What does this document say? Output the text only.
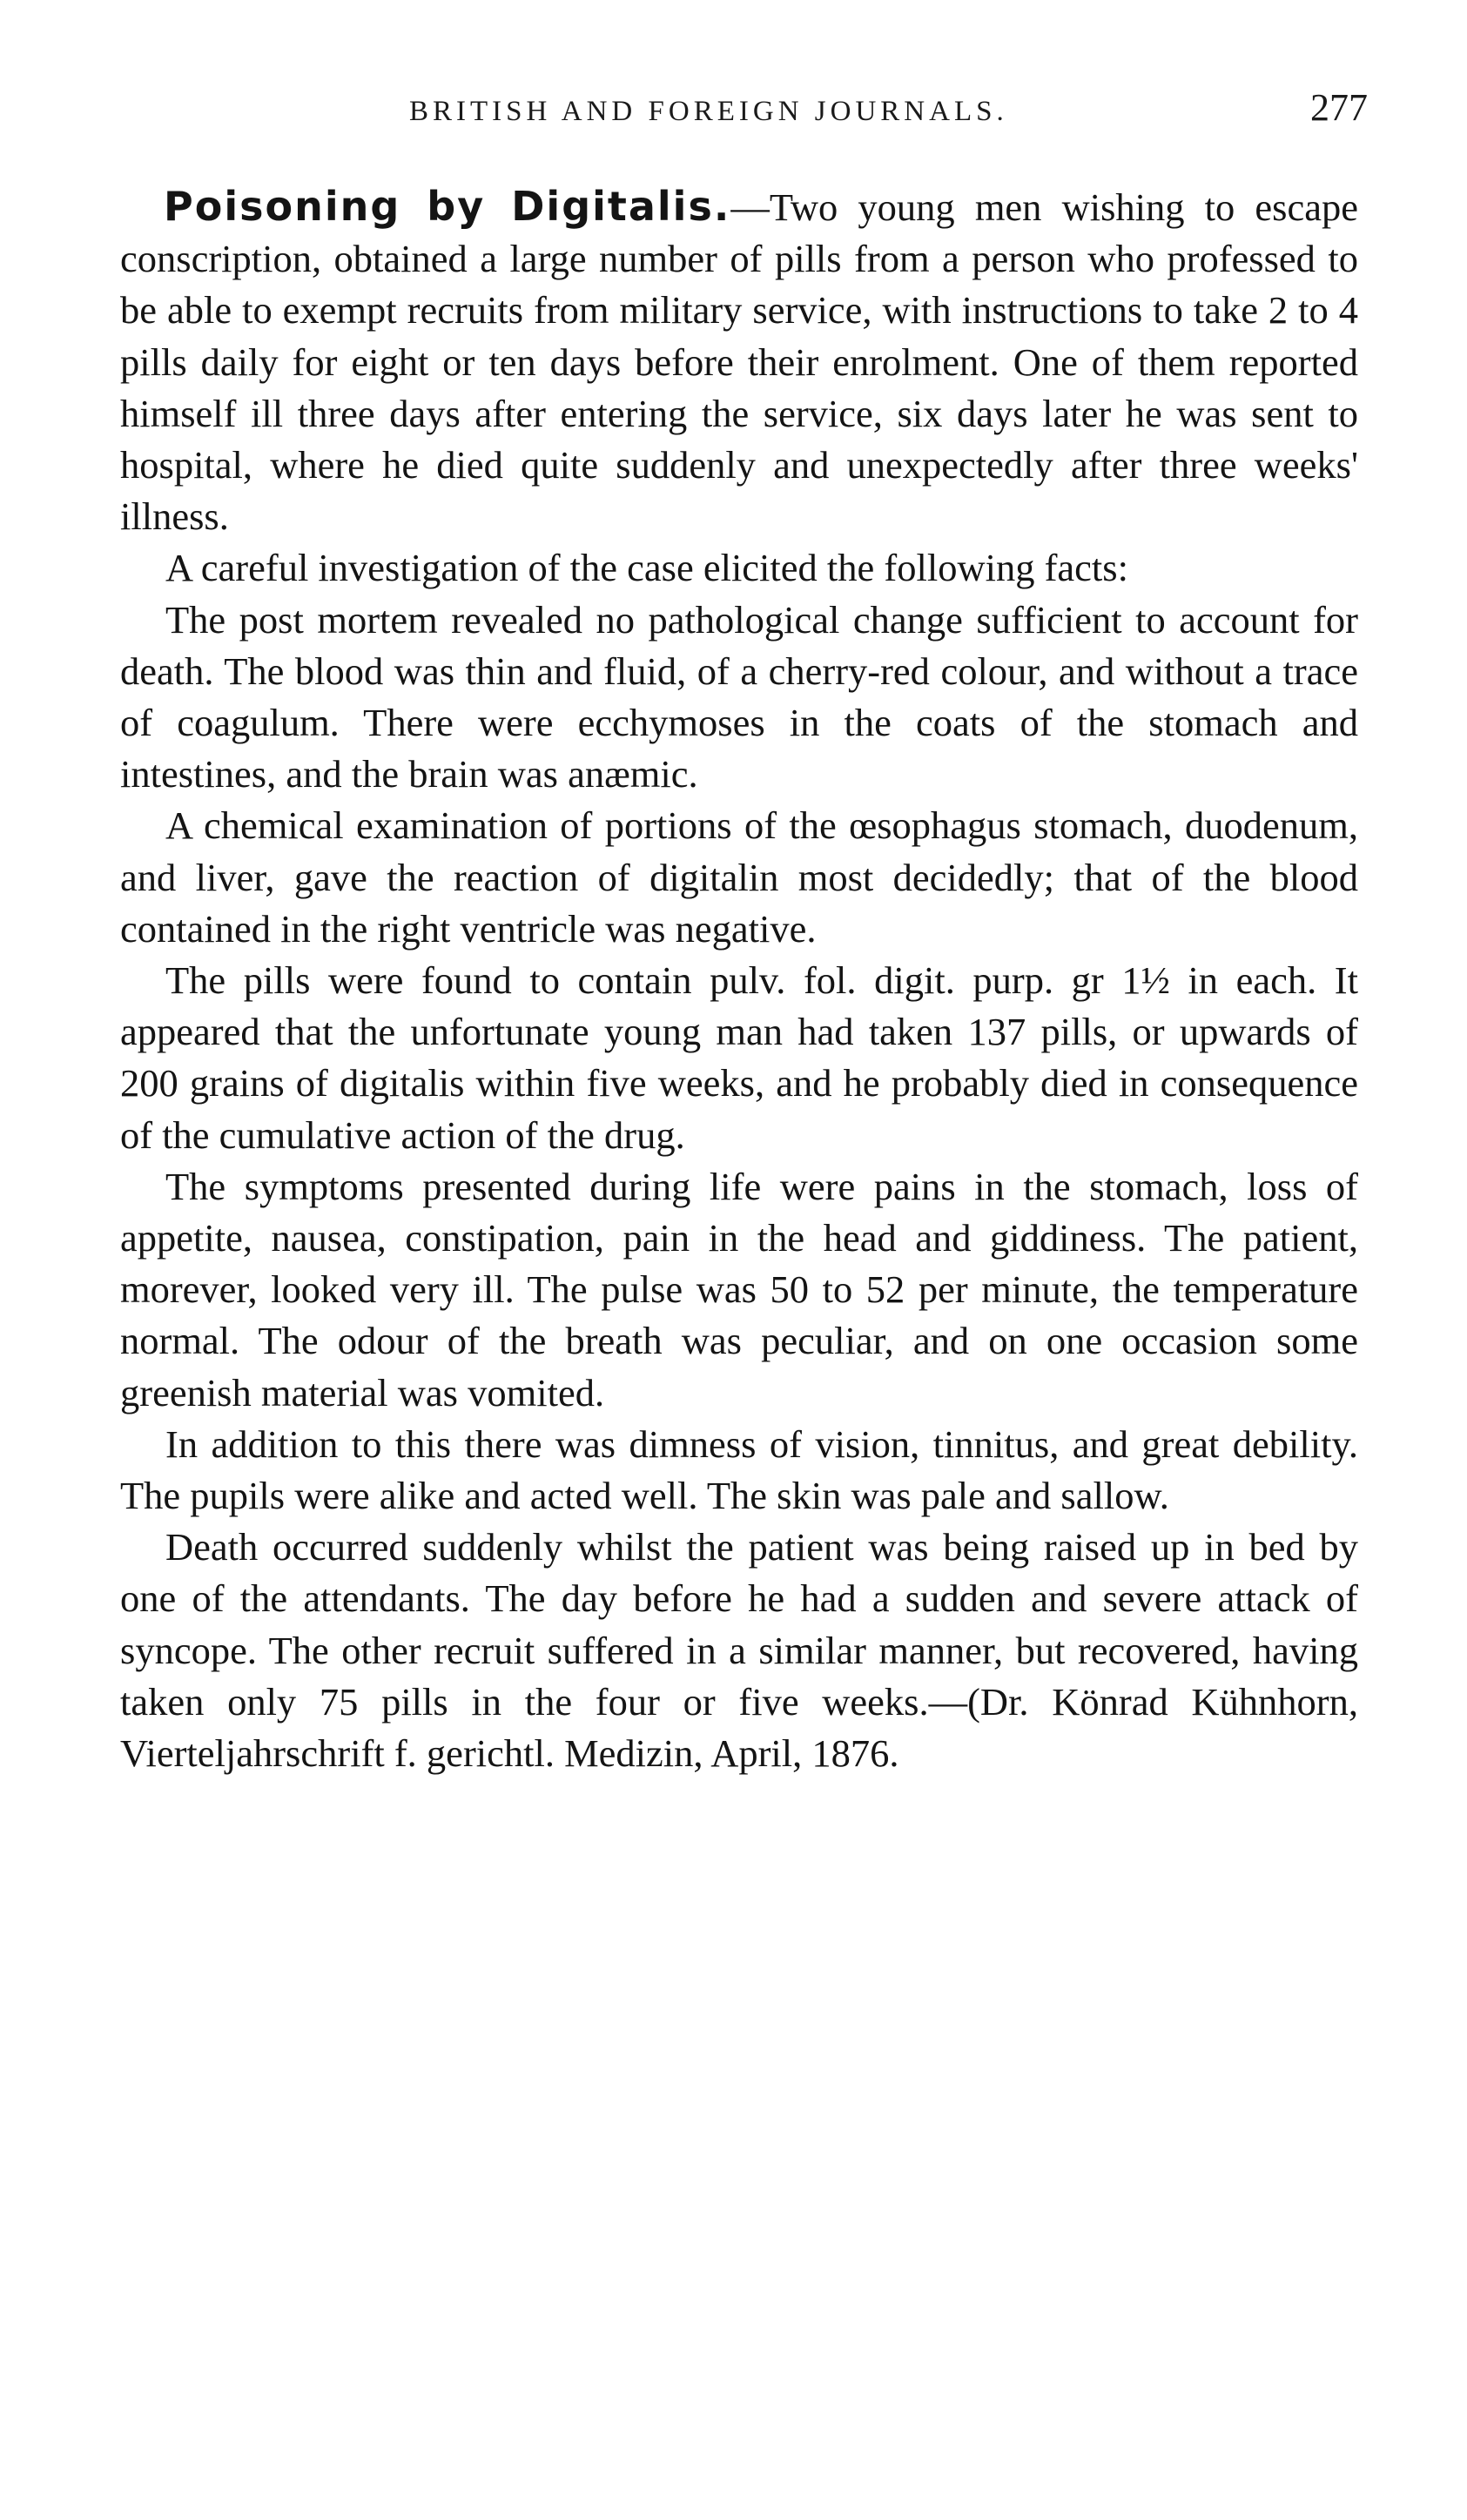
BRITISH AND FOREIGN JOURNALS.	277

Poisoning by Digitalis.—Two young men wishing to escape conscription, obtained a large number of pills from a person who professed to be able to exempt recruits from military service, with instructions to take 2 to 4 pills daily for eight or ten days before their enrolment. One of them reported himself ill three days after entering the service, six days later he was sent to hospital, where he died quite suddenly and unexpectedly after three weeks' illness.

A careful investigation of the case elicited the following facts:

The post mortem revealed no pathological change sufficient to account for death. The blood was thin and fluid, of a cherry-red colour, and without a trace of coagulum. There were ecchymoses in the coats of the stomach and intestines, and the brain was anæmic.

A chemical examination of portions of the œsophagus stomach, duodenum, and liver, gave the reaction of digitalin most decidedly; that of the blood contained in the right ventricle was negative.

The pills were found to contain pulv. fol. digit. purp. gr 1½ in each. It appeared that the unfortunate young man had taken 137 pills, or upwards of 200 grains of digitalis within five weeks, and he probably died in consequence of the cumulative action of the drug.

The symptoms presented during life were pains in the stomach, loss of appetite, nausea, constipation, pain in the head and giddiness. The patient, morever, looked very ill. The pulse was 50 to 52 per minute, the temperature normal. The odour of the breath was peculiar, and on one occasion some greenish material was vomited.

In addition to this there was dimness of vision, tinnitus, and great debility. The pupils were alike and acted well. The skin was pale and sallow.

Death occurred suddenly whilst the patient was being raised up in bed by one of the attendants. The day before he had a sudden and severe attack of syncope. The other recruit suffered in a similar manner, but recovered, having taken only 75 pills in the four or five weeks.—(Dr. Könrad Kühnhorn, Vierteljahrschrift f. gerichtl. Medizin, April, 1876.
